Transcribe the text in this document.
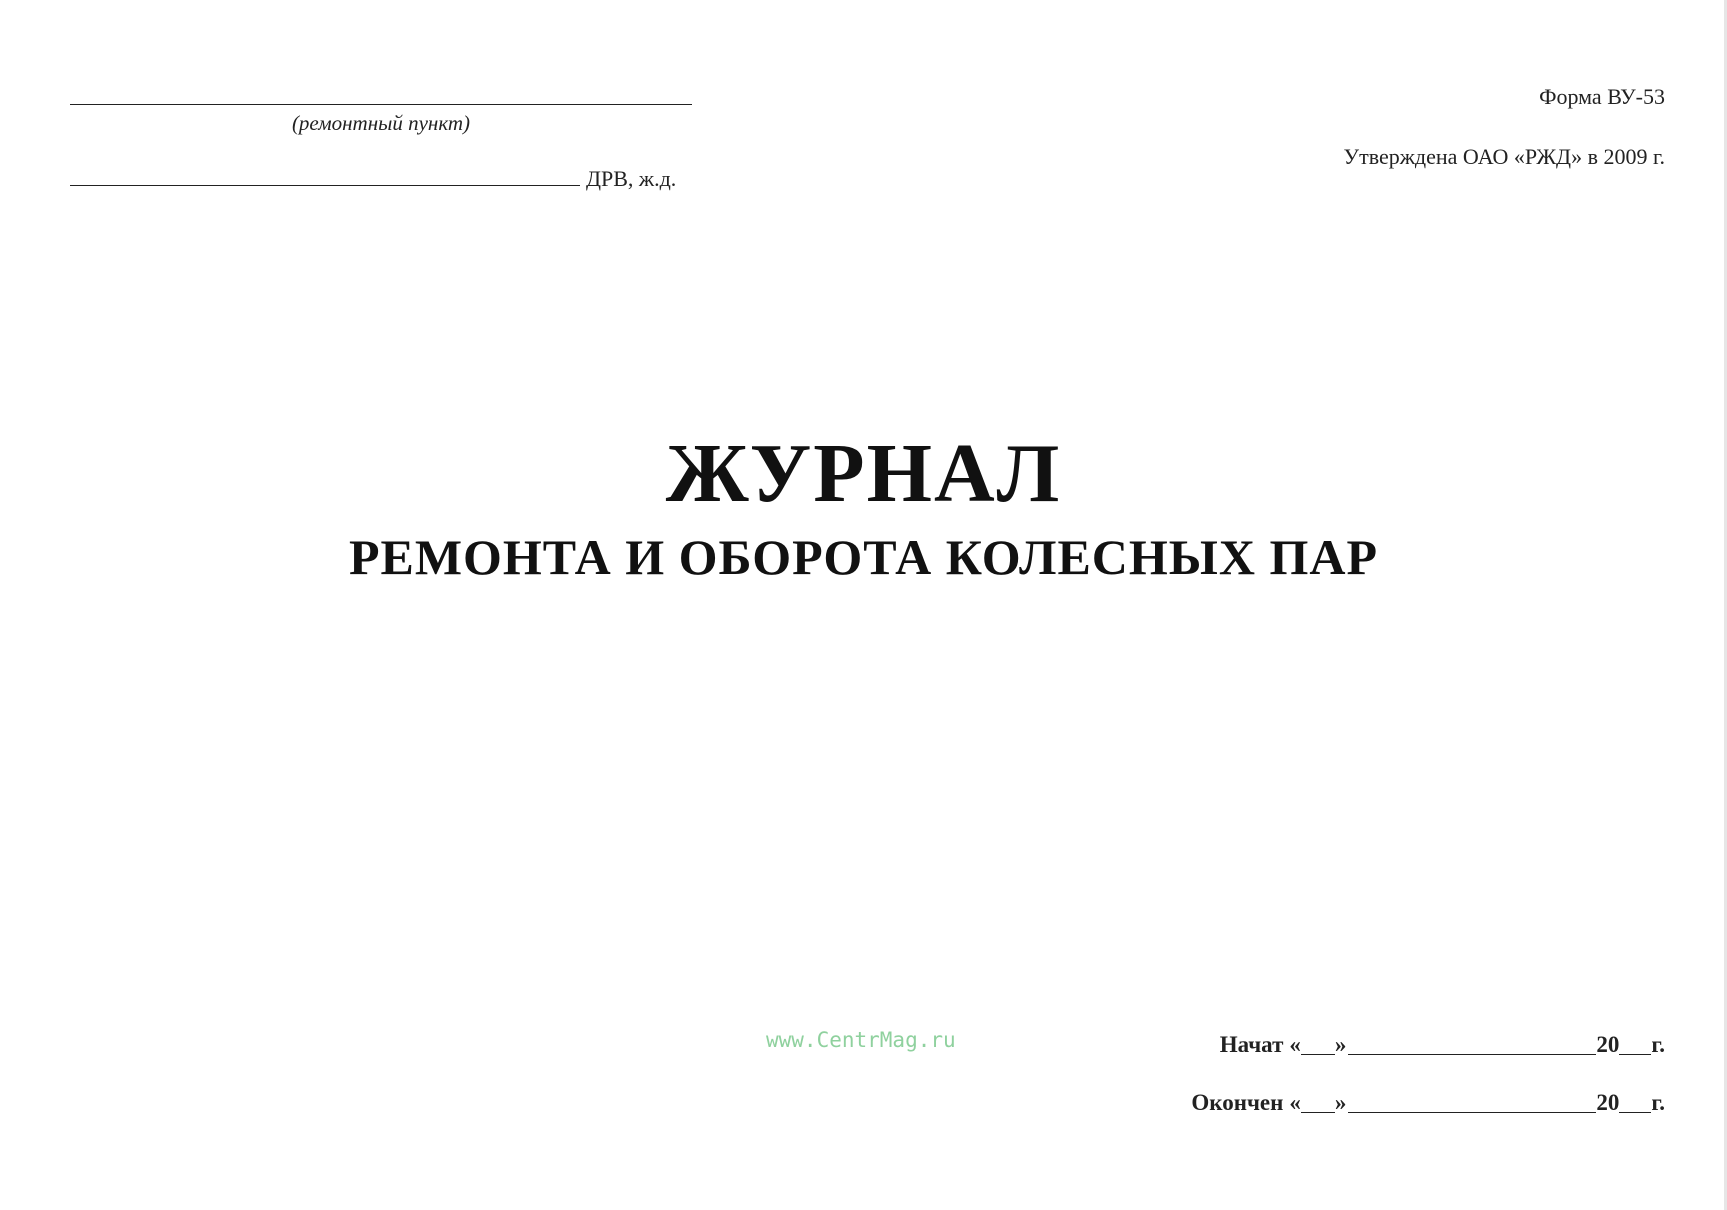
(ремонтный пункт)
ДРВ, ж.д.
Форма ВУ-53
Утверждена ОАО «РЖД» в 2009 г.
ЖУРНАЛ
РЕМОНТА И ОБОРОТА КОЛЕСНЫХ ПАР
www.CentrMag.ru	Начат « »	20 г.
Окончен « »	20 г.
